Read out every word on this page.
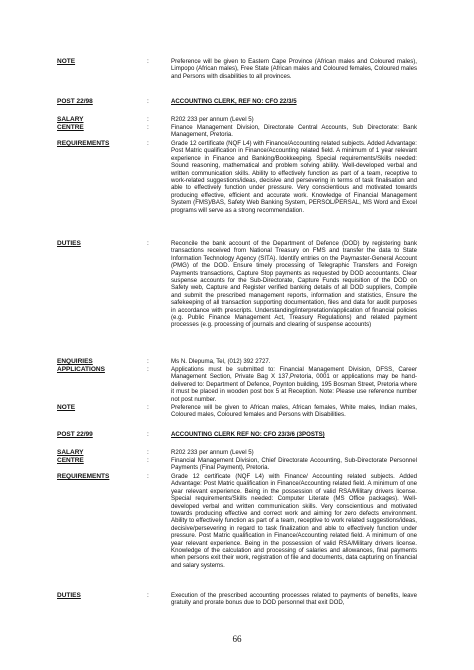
NOTE	:	Preference will be given to Eastern Cape Province (African males and Coloured males), Limpopo (African males), Free State (African males and Coloured females, Coloured males and Persons with disabilities to all provinces.
POST 22/98	:	ACCOUNTING CLERK, REF NO: CFO 22/3/5
SALARY	:	R202 233 per annum (Level 5)
CENTRE	:	Finance Management Division, Directorate Central Accounts, Sub Directorate: Bank Management, Pretoria.
REQUIREMENTS	:	Grade 12 certificate (NQF L4) with Finance/Accounting related subjects. Added Advantage: Post Matric qualification in Finance/Accounting related field. A minimum of 1 year relevant experience in Finance and Banking/Bookkeeping. Special requirements/Skills needed: Sound reasoning, mathematical and problem solving ability. Well-developed verbal and written communication skills. Ability to effectively function as part of a team, receptive to work-related suggestions/ideas, decisive and persevering in terms of task finalisation and able to effectively function under pressure. Very conscientious and motivated towards producing effective, efficient and accurate work. Knowledge of Financial Management System (FMS)/BAS, Safety Web Banking System, PERSOL/PERSAL, MS Word and Excel programs will serve as a strong recommendation.
DUTIES	:	Reconcile the bank account of the Department of Defence (DOD) by registering bank transactions received from National Treasury on FMS and transfer the data to State Information Technology Agency (SITA). Identify entries on the Paymaster-General Account (PMG) of the DOD. Ensure timely processing of Telegraphic Transfers and Foreign Payments transactions, Capture Stop payments as requested by DOD accountants. Clear suspense accounts for the Sub-Directorate, Capture Funds requisition of the DOD on Safety web, Capture and Register verified banking details of all DOD suppliers, Compile and submit the prescribed management reports, information and statistics, Ensure the safekeeping of all transaction supporting documentation, files and data for audit purposes in accordance with prescripts. Understanding/interpretation/application of financial policies (e.g. Public Finance Management Act, Treasury Regulations) and related payment processes (e.g. processing of journals and clearing of suspense accounts)
ENQUIRIES	:	Ms N. Dlepuma, Tel, (012) 392 2727.
APPLICATIONS	:	Applications must be submitted to: Financial Management Division, DFSS, Career Management Section, Private Bag X 137,Pretoria, 0001 or applications may be hand-delivered to: Department of Defence, Poynton building, 195 Bosman Street, Pretoria where it must be placed in wooden post box 5 at Reception. Note: Please use reference number not post number.
NOTE	:	Preference will be given to African males, African females, White males, Indian males, Coloured males, Coloured females and Persons with Disabilities.
POST 22/99	:	ACCOUNTING CLERK REF NO: CFO 23/3/6 (3POSTS)
SALARY	:	R202 233 per annum (Level 5)
CENTRE	:	Financial Management Division, Chief Directorate Accounting, Sub-Directorate Personnel Payments (Final Payment), Pretoria.
REQUIREMENTS	:	Grade 12 certificate (NQF L4) with Finance/ Accounting related subjects. Added Advantage: Post Matric qualification in Finance/Accounting related field. A minimum of one year relevant experience. Being in the possession of valid RSA/Military drivers license. Special requirements/Skills needed: Computer Literate (MS Office packages). Well-developed verbal and written communication skills. Very conscientious and motivated towards producing effective and correct work and aiming for zero defects environment. Ability to effectively function as part of a team, receptive to work related suggestions/ideas, decisive/persevering in regard to task finalization and able to effectively function under pressure. Post Matric qualification in Finance/Accounting related field. A minimum of one year relevant experience. Being in the possession of valid RSA/Military drivers license. Knowledge of the calculation and processing of salaries and allowances, final payments when persons exit their work, registration of file and documents, data capturing on financial and salary systems.
DUTIES	:	Execution of the prescribed accounting processes related to payments of benefits, leave gratuity and prorate bonus due to DOD personnel that exit DOD,
66
